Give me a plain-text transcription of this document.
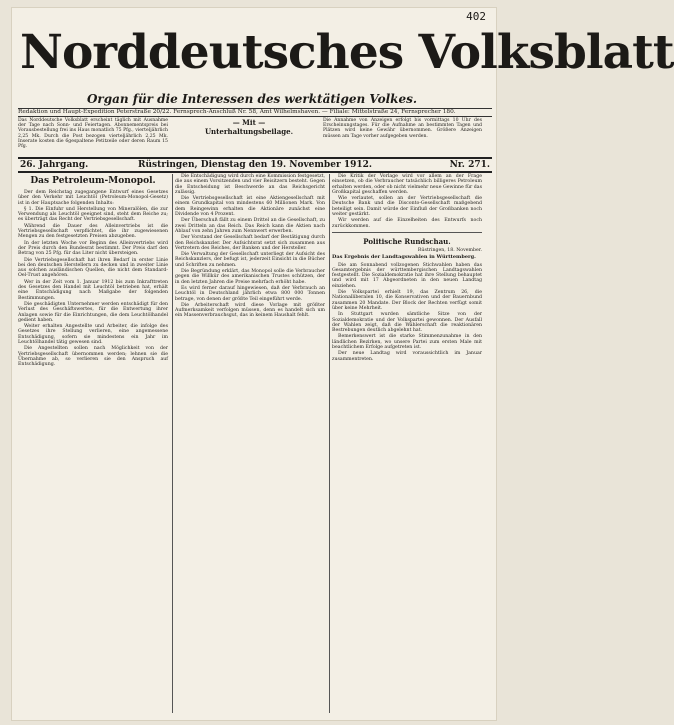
402
Norddeutsches Volksblatt
Organ für die Interessen des werktätigen Volkes.
Redaktion und Haupt-Expedition Peterstraße 20/22. Fernsprech-Anschluß Nr. 58, Amt Wilhelmshaven. — Filiale: Mittelstraße 24, Fernsprecher 180.
Das Norddeutsche Volksblatt erscheint täglich mit Ausnahme der Tage nach Sonn- und Feiertagen. Abonnementspreis bei Vorausbestellung frei ins Haus monatlich 75 Pfg., vierteljährlich 2,25 Mk. Durch die Post bezogen vierteljährlich 2,25 Mk. Inserate kosten die 6gespaltene Petitzeile oder deren Raum 15 Pfg.
— Mit — Unterhaltungsbeilage.
Die Annahme von Anzeigen erfolgt bis vormittags 10 Uhr des Erscheinungstages. Für die Aufnahme an bestimmten Tagen und Plätzen wird keine Gewähr übernommen. Größere Anzeigen müssen am Tage vorher aufgegeben werden.
26. Jahrgang.	Rüstringen, Dienstag den 19. November 1912.	Nr. 271.
Das Petroleum-Monopol.

Der dem Reichstag zugegangene Entwurf eines Gesetzes über den Verkehr mit Leuchtöl (Petroleum-Monopol-Gesetz) ist in der Hauptsache folgenden Inhalts:

§ 1. Die Einfuhr und Herstellung von Mineralölen, die zur Verwendung als Leuchtöl geeignet sind, steht dem Reiche zu; es überträgt das Recht der Vertriebsgesellschaft.

Während die Dauer des Alleinvertriebs ist die Vertriebsgesellschaft verpflichtet, die ihr zugewiesenen Mengen zu den festgesetzten Preisen abzugeben.

In der letzten Woche vor Beginn des Alleinvertriebs wird der Preis durch den Bundesrat bestimmt. Der Preis darf den Betrag von 25 Pfg. für das Liter nicht übersteigen.

Die Vertriebsgesellschaft hat ihren Bedarf in erster Linie bei den deutschen Herstellern zu decken und in zweiter Linie aus solchen ausländischen Quellen, die nicht dem Standard-Oel-Trust angehören.

Wer in der Zeit vom 1. Januar 1912 bis zum Inkrafttreten des Gesetzes den Handel mit Leuchtöl betrieben hat, erhält eine Entschädigung nach Maßgabe der folgenden Bestimmungen.

Die geschädigten Unternehmer werden entschädigt für den Verlust des Geschäftswertes, für die Entwertung ihrer Anlagen sowie für die Einrichtungen, die dem Leuchtölhandel gedient haben.

Weiter erhalten Angestellte und Arbeiter, die infolge des Gesetzes ihre Stellung verlieren, eine angemessene Entschädigung, sofern sie mindestens ein Jahr im Leuchtölhandel tätig gewesen sind.

Die Angestellten sollen nach Möglichkeit von der Vertriebsgesellschaft übernommen werden; lehnen sie die Übernahme ab, so verlieren sie den Anspruch auf Entschädigung.

Die Entschädigung wird durch eine Kommission festgesetzt, die aus einem Vorsitzenden und vier Beisitzern besteht. Gegen die Entscheidung ist Beschwerde an das Reichsgericht zulässig.

Die Vertriebsgesellschaft ist eine Aktiengesellschaft mit einem Grundkapital von mindestens 60 Millionen Mark. Von dem Reingewinn erhalten die Aktionäre zunächst eine Dividende von 4 Prozent.

Der Überschuß fällt zu einem Drittel an die Gesellschaft, zu zwei Dritteln an das Reich. Das Reich kann die Aktien nach Ablauf von zehn Jahren zum Nennwert erwerben.

Der Vorstand der Gesellschaft bedarf der Bestätigung durch den Reichskanzler. Der Aufsichtsrat setzt sich zusammen aus Vertretern des Reiches, der Banken und der Hersteller.

Die Verwaltung der Gesellschaft unterliegt der Aufsicht des Reichskanzlers, der befugt ist, jederzeit Einsicht in die Bücher und Schriften zu nehmen.

Die Begründung erklärt, das Monopol solle die Verbraucher gegen die Willkür des amerikanischen Trustes schützen, der in den letzten Jahren die Preise mehrfach erhöht habe.

Es wird ferner darauf hingewiesen, daß der Verbrauch an Leuchtöl in Deutschland jährlich etwa 800 000 Tonnen betrage, von denen der größte Teil eingeführt werde.

Die Arbeiterschaft wird diese Vorlage mit größter Aufmerksamkeit verfolgen müssen, denn es handelt sich um ein Massenverbrauchsgut, das in keinem Haushalt fehlt.

Die Kritik der Vorlage wird vor allem an der Frage einsetzen, ob die Verbraucher tatsächlich billigeres Petroleum erhalten werden, oder ob nicht vielmehr neue Gewinne für das Großkapital geschaffen werden.

Wie verlautet, sollen an der Vertriebsgesellschaft die Deutsche Bank und die Disconto-Gesellschaft maßgebend beteiligt sein. Damit würde der Einfluß der Großbanken noch weiter gestärkt.

Wir werden auf die Einzelheiten des Entwurfs noch zurückkommen.

Politische Rundschau.

Rüstringen, 18. November.

Das Ergebnis der Landtagswahlen in Württemberg.

Die am Sonnabend vollzogenen Stichwahlen haben das Gesamtergebnis der württembergischen Landtagswahlen festgestellt. Die Sozialdemokratie hat ihre Stellung behauptet und wird mit 17 Abgeordneten in den neuen Landtag einziehen.

Die Volkspartei erhielt 19, das Zentrum 26, die Nationalliberalen 10, die Konservativen und der Bauernbund zusammen 20 Mandate. Der Block der Rechten verfügt somit über keine Mehrheit.

In Stuttgart wurden sämtliche Sitze von der Sozialdemokratie und der Volkspartei gewonnen. Der Ausfall der Wahlen zeigt, daß die Wählerschaft die reaktionären Bestrebungen deutlich abgelehnt hat.

Bemerkenswert ist die starke Stimmenzunahme in den ländlichen Bezirken, wo unsere Partei zum ersten Male mit beachtlichem Erfolge aufgetreten ist.

Der neue Landtag wird voraussichtlich im Januar zusammentreten.
